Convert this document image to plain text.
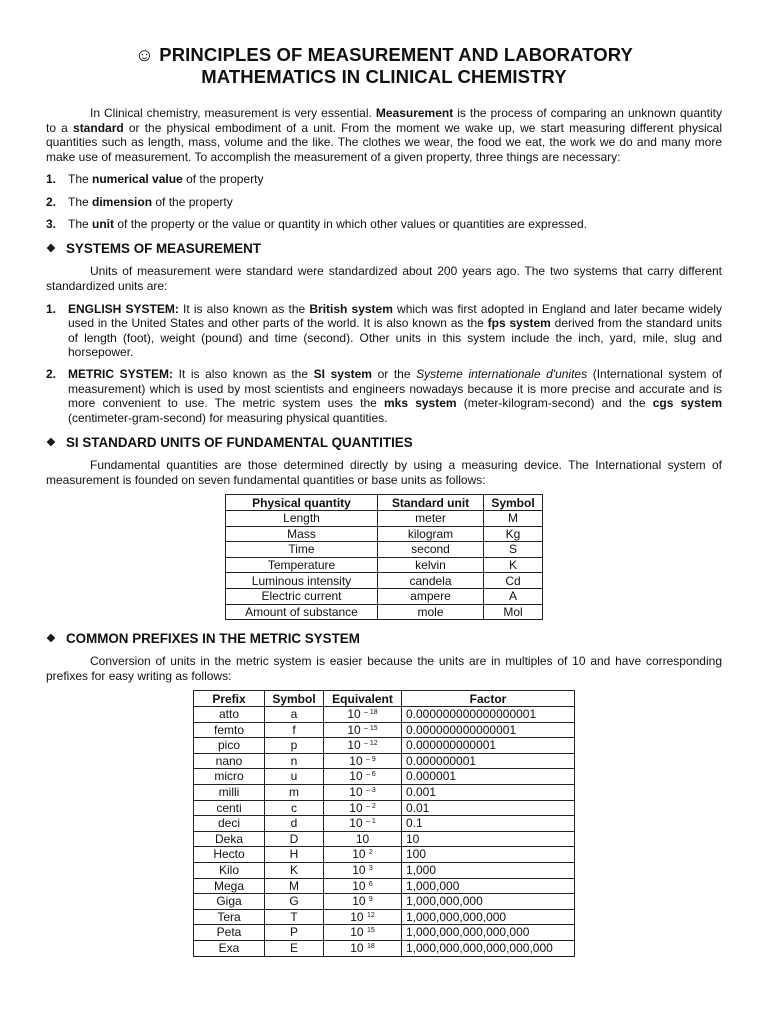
☺ PRINCIPLES OF MEASUREMENT AND LABORATORY
MATHEMATICS IN CLINICAL CHEMISTRY

In Clinical chemistry, measurement is very essential. Measurement is the process of comparing an unknown quantity to a standard or the physical embodiment of a unit. From the moment we wake up, we start measuring different physical quantities such as length, mass, volume and the like. The clothes we wear, the food we eat, the work we do and many more make use of measurement. To accomplish the measurement of a given property, three things are necessary:

1. The numerical value of the property
2. The dimension of the property
3. The unit of the property or the value or quantity in which other values or quantities are expressed.
❖ SYSTEMS OF MEASUREMENT

Units of measurement were standard were standardized about 200 years ago. The two systems that carry different standardized units are:

1. ENGLISH SYSTEM: It is also known as the British system which was first adopted in England and later became widely used in the United States and other parts of the world. It is also known as the fps system derived from the standard units of length (foot), weight (pound) and time (second). Other units in this system include the inch, yard, mile, slug and horsepower.
2. METRIC SYSTEM: It is also known as the SI system or the Systeme internationale d'unites (International system of measurement) which is used by most scientists and engineers nowadays because it is more precise and accurate and is more convenient to use. The metric system uses the mks system (meter-kilogram-second) and the cgs system (centimeter-gram-second) for measuring physical quantities.
❖ SI STANDARD UNITS OF FUNDAMENTAL QUANTITIES

Fundamental quantities are those determined directly by using a measuring device. The International system of measurement is founded on seven fundamental quantities or base units as follows:

Physical quantity	Standard unit	Symbol
Length	meter	M
Mass	kilogram	Kg
Time	second	S
Temperature	kelvin	K
Luminous intensity	candela	Cd
Electric current	ampere	A
Amount of substance	mole	Mol
❖ COMMON PREFIXES IN THE METRIC SYSTEM

Conversion of units in the metric system is easier because the units are in multiples of 10 and have corresponding prefixes for easy writing as follows:

Prefix	Symbol	Equivalent	Factor
atto	a	10 $^{- 18}$	0.000000000000000001
femto	f	10 $^{- 15}$	0.000000000000001
pico	p	10 $^{- 12}$	0.000000000001
nano	n	10 $^{- 9}$	0.000000001
micro	u	10 $^{- 6}$	0.000001
milli	m	10 $^{- 3}$	0.001
centi	c	10 $^{- 2}$	0.01
deci	d	10 $^{- 1}$	0.1
Deka	D	10	10
Hecto	H	10 $^2$	100
Kilo	K	10 $^3$	1,000
Mega	M	10 $^6$	1,000,000
Giga	G	10 $^9$	1,000,000,000
Tera	T	10 $^{12}$	1,000,000,000,000
Peta	P	10 $^{15}$	1,000,000,000,000,000
Exa	E	10 $^{18}$	1,000,000,000,000,000,000
